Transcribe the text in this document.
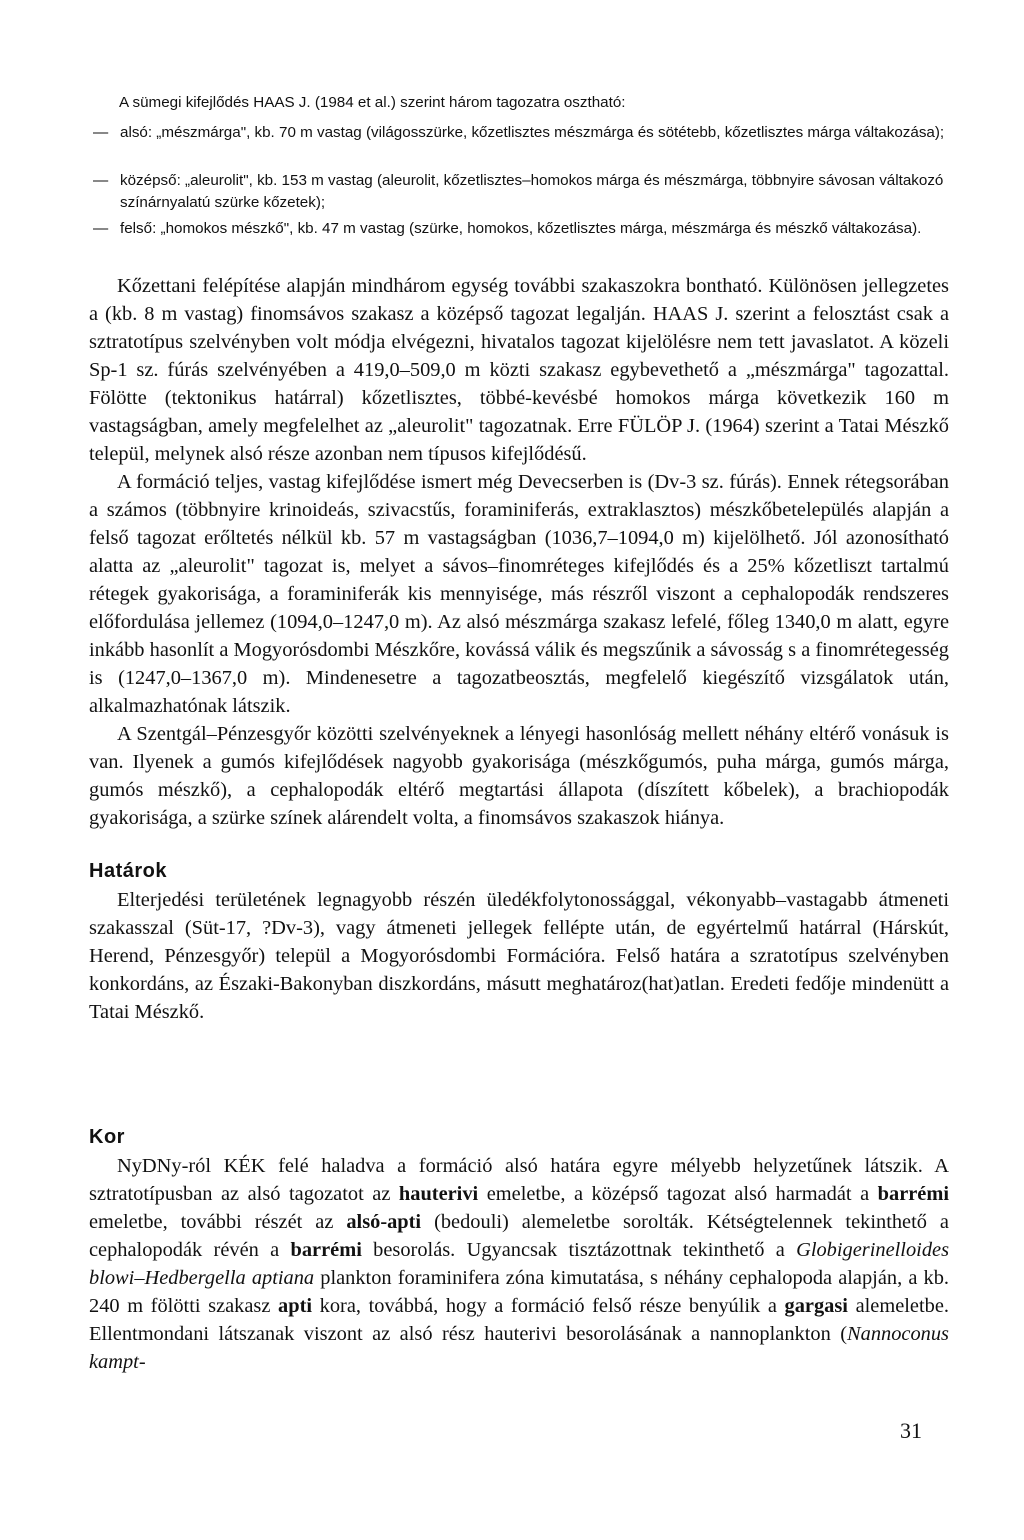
A sümegi kifejlődés HAAS J. (1984 et al.) szerint három tagozatra osztható:
— alsó: „mészmárga", kb. 70 m vastag (világosszürke, kőzetlisztes mészmárga és sötétebb, kőzetlisztes márga váltakozása);
— középső: „aleurolit", kb. 153 m vastag (aleurolit, kőzetlisztes–homokos márga és mészmárga, többnyire sávosan váltakozó színárnyalatú szürke kőzetek);
— felső: „homokos mészkő", kb. 47 m vastag (szürke, homokos, kőzetlisztes márga, mészmárga és mészkő váltakozása).

Kőzettani felépítése alapján mindhárom egység további szakaszokra bontható. Különösen jellegzetes a (kb. 8 m vastag) finomsávos szakasz a középső tagozat legalján. HAAS J. szerint a felosztást csak a sztratotípus szelvényben volt módja elvégezni, hivatalos tagozat kijelölésre nem tett javaslatot. A közeli Sp-1 sz. fúrás szelvényében a 419,0–509,0 m közti szakasz egybevethető a „mészmárga" tagozattal. Fölötte (tektonikus határral) kőzetlisztes, többé-kevésbé homokos márga következik 160 m vastagságban, amely megfelelhet az „aleurolit" tagozatnak. Erre FÜLÖP J. (1964) szerint a Tatai Mészkő települ, melynek alsó része azonban nem típusos kifejlődésű.

A formáció teljes, vastag kifejlődése ismert még Devecserben is (Dv-3 sz. fúrás). Ennek rétegsorában a számos (többnyire krinoideás, szivacstűs, foraminiferás, extraklasztos) mészkőbetelepülés alapján a felső tagozat erőltetés nélkül kb. 57 m vastagságban (1036,7–1094,0 m) kijelölhető. Jól azonosítható alatta az „aleurolit" tagozat is, melyet a sávos–finomréteges kifejlődés és a 25% kőzetliszt tartalmú rétegek gyakorisága, a foraminiferák kis mennyisége, más részről viszont a cephalopodák rendszeres előfordulása jellemez (1094,0–1247,0 m). Az alsó mészmárga szakasz lefelé, főleg 1340,0 m alatt, egyre inkább hasonlít a Mogyorósdombi Mészkőre, kovássá válik és megszűnik a sávosság s a finomrétegesség is (1247,0–1367,0 m). Mindenesetre a tagozatbeosztás, megfelelő kiegészítő vizsgálatok után, alkalmazhatónak látszik.

A Szentgál–Pénzesgyőr közötti szelvényeknek a lényegi hasonlóság mellett néhány eltérő vonásuk is van. Ilyenek a gumós kifejlődések nagyobb gyakorisága (mészkőgumós, puha márga, gumós márga, gumós mészkő), a cephalopodák eltérő megtartási állapota (díszített kőbelek), a brachiopodák gyakorisága, a szürke színek alárendelt volta, a finomsávos szakaszok hiánya.

Határok

Elterjedési területének legnagyobb részén üledékfolytonossággal, vékonyabb–vastagabb átmeneti szakasszal (Süt-17, ?Dv-3), vagy átmeneti jellegek fellépte után, de egyértelmű határral (Hárskút, Herend, Pénzesgyőr) települ a Mogyorósdombi Formációra. Felső határa a szratotípus szelvényben konkordáns, az Északi-Bakonyban diszkordáns, másutt meghatároz(hat)atlan. Eredeti fedője mindenütt a Tatai Mészkő.

Kor

NyDNy-ról KÉK felé haladva a formáció alsó határa egyre mélyebb helyzetűnek látszik. A sztratotípusban az alsó tagozatot az hauterivi emeletbe, a középső tagozat alsó harmadát a barrémi emeletbe, további részét az alsó-apti (bedouli) alemeletbe sorolták. Kétségtelennek tekinthető a cephalopodák révén a barrémi besorolás. Ugyancsak tisztázottnak tekinthető a Globigerinelloides blowi–Hedbergella aptiana plankton foraminifera zóna kimutatása, s néhány cephalopoda alapján, a kb. 240 m fölötti szakasz apti kora, továbbá, hogy a formáció felső része benyúlik a gargasi alemeletbe. Ellentmondani látszanak viszont az alsó rész hauterivi besorolásának a nannoplankton (Nannoconus kampt-

31
